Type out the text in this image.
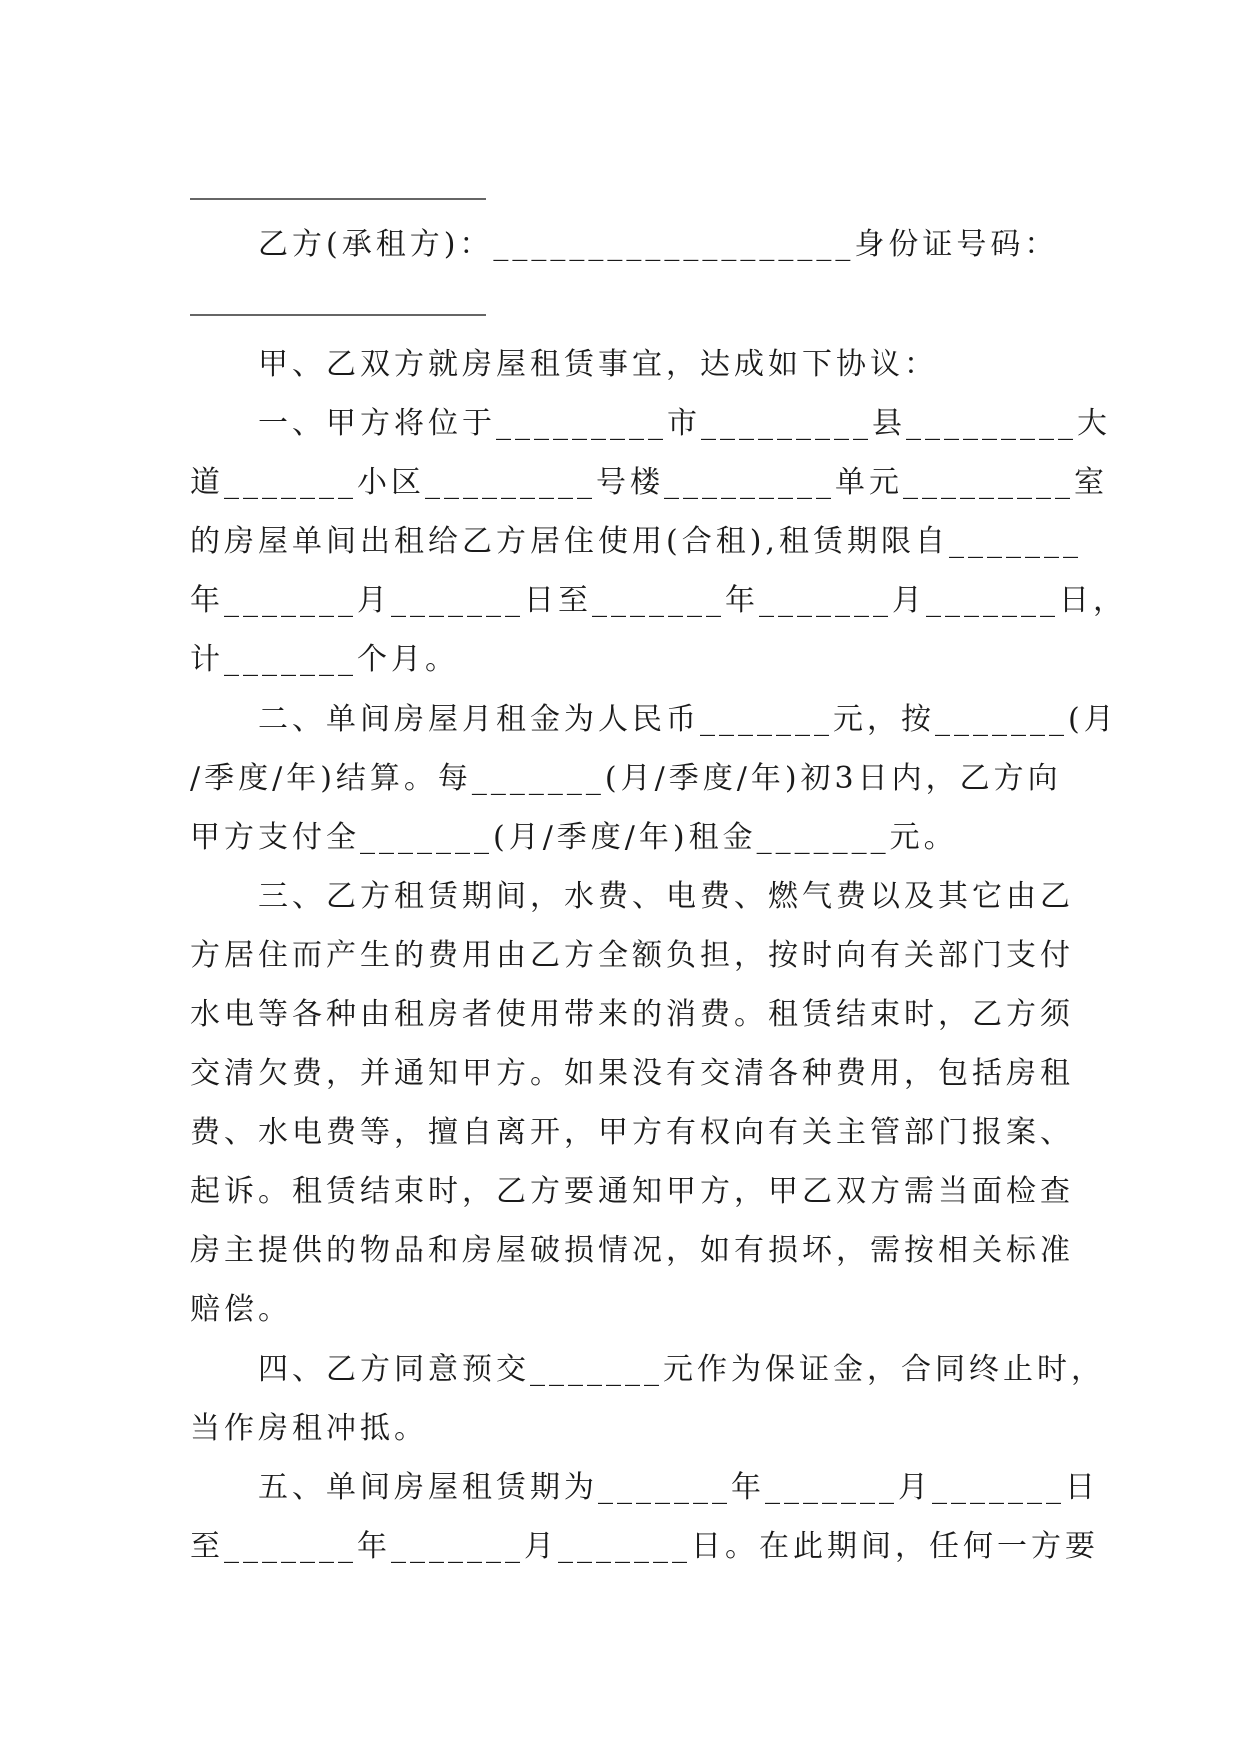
乙方(承租方)：___________________身份证号码：
甲、乙双方就房屋租赁事宜，达成如下协议：
一、甲方将位于_________市_________县_________大
道_______小区_________号楼_________单元_________室
的房屋单间出租给乙方居住使用(合租),租赁期限自_______
年_______月_______日至_______年_______月_______日，
计_______个月。
二、单间房屋月租金为人民币_______元，按_______(月
/季度/年)结算。每_______(月/季度/年)初3日内，乙方向
甲方支付全_______(月/季度/年)租金_______元。
三、乙方租赁期间，水费、电费、燃气费以及其它由乙
方居住而产生的费用由乙方全额负担，按时向有关部门支付
水电等各种由租房者使用带来的消费。租赁结束时，乙方须
交清欠费，并通知甲方。如果没有交清各种费用，包括房租
费、水电费等，擅自离开，甲方有权向有关主管部门报案、
起诉。租赁结束时，乙方要通知甲方，甲乙双方需当面检查
房主提供的物品和房屋破损情况，如有损坏，需按相关标准
赔偿。
四、乙方同意预交_______元作为保证金，合同终止时，
当作房租冲抵。
五、单间房屋租赁期为_______年_______月_______日
至_______年_______月_______日。在此期间，任何一方要
